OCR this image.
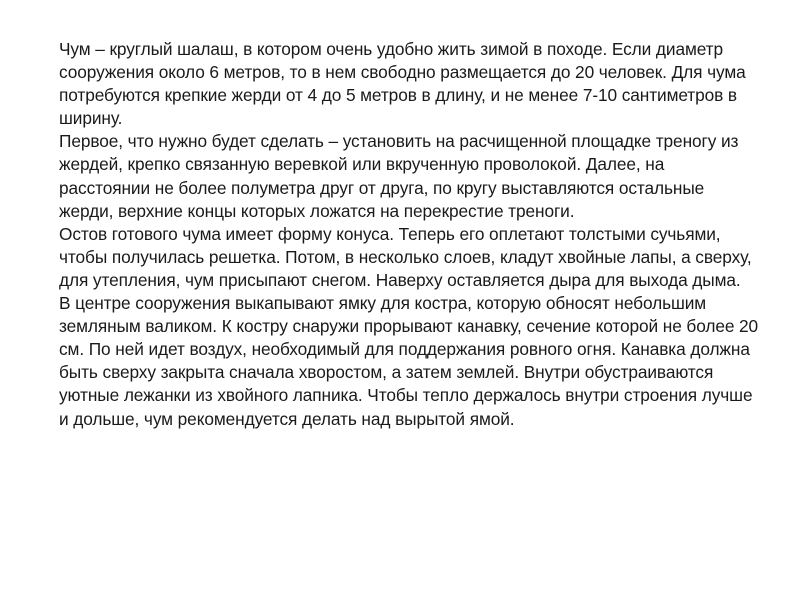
Чум – круглый шалаш, в котором очень удобно жить зимой в походе. Если диаметр сооружения около 6 метров, то в нем свободно размещается до 20 человек. Для чума потребуются крепкие жерди от 4 до 5 метров в длину, и не менее 7-10 сантиметров в ширину.

Первое, что нужно будет сделать – установить на расчищенной площадке треногу из жердей, крепко связанную веревкой или вкрученную проволокой. Далее, на расстоянии не более полуметра друг от друга, по кругу выставляются остальные жерди, верхние концы которых ложатся на перекрестие треноги.

Остов готового чума имеет форму конуса. Теперь его оплетают толстыми сучьями, чтобы получилась решетка. Потом, в несколько слоев, кладут хвойные лапы, а сверху, для утепления, чум присыпают снегом. Наверху оставляется дыра для выхода дыма.

В центре сооружения выкапывают ямку для костра, которую обносят небольшим земляным валиком. К костру снаружи прорывают канавку, сечение которой не более 20 см. По ней идет воздух, необходимый для поддержания ровного огня. Канавка должна быть сверху закрыта сначала хворостом, а затем землей. Внутри обустраиваются уютные лежанки из хвойного лапника. Чтобы тепло держалось внутри строения лучше и дольше, чум рекомендуется делать над вырытой ямой.
